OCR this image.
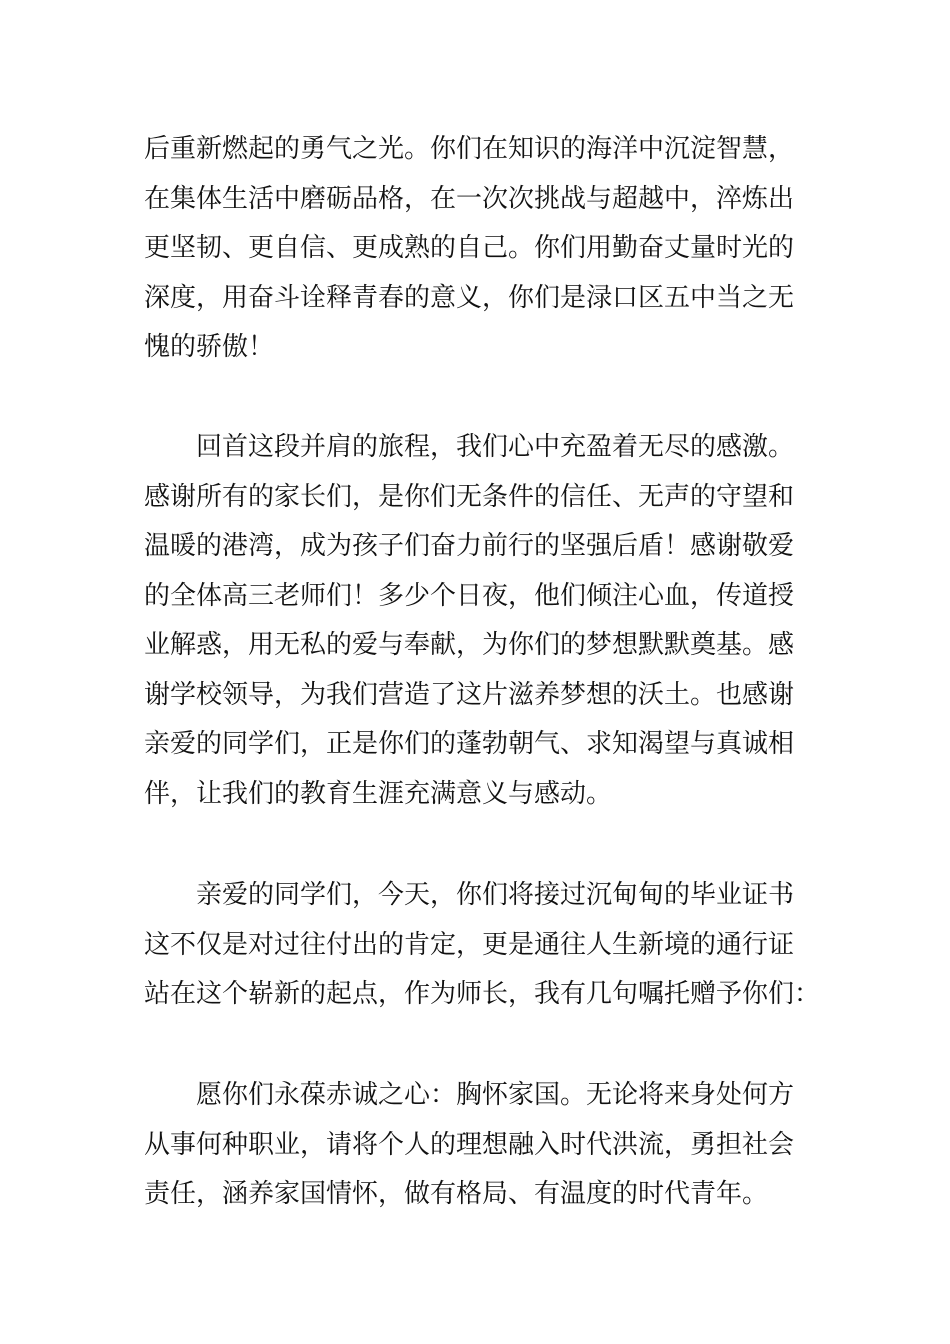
后重新燃起的勇气之光。你们在知识的海洋中沉淀智慧，
在集体生活中磨砺品格，在一次次挑战与超越中，淬炼出
更坚韧、更自信、更成熟的自己。你们用勤奋丈量时光的
深度，用奋斗诠释青春的意义，你们是渌口区五中当之无
愧的骄傲！
回首这段并肩的旅程，我们心中充盈着无尽的感激。
感谢所有的家长们，是你们无条件的信任、无声的守望和
温暖的港湾，成为孩子们奋力前行的坚强后盾！感谢敬爱
的全体高三老师们！多少个日夜，他们倾注心血，传道授
业解惑，用无私的爱与奉献，为你们的梦想默默奠基。感
谢学校领导，为我们营造了这片滋养梦想的沃土。也感谢
亲爱的同学们，正是你们的蓬勃朝气、求知渴望与真诚相
伴，让我们的教育生涯充满意义与感动。
亲爱的同学们，今天，你们将接过沉甸甸的毕业证书
这不仅是对过往付出的肯定，更是通往人生新境的通行证
站在这个崭新的起点，作为师长，我有几句嘱托赠予你们：
愿你们永葆赤诚之心：胸怀家国。无论将来身处何方
从事何种职业，请将个人的理想融入时代洪流，勇担社会
责任，涵养家国情怀，做有格局、有温度的时代青年。
